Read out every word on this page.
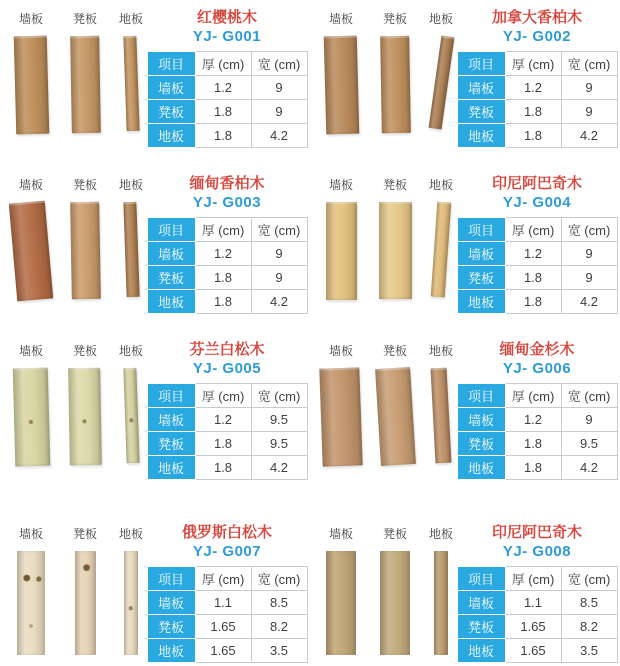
墙板 凳板 地板	红樱桃木
YJ- G001
项目	厚 (cm)	宽 (cm)
墙板	1.2	9
凳板	1.8	9
地板	1.8	4.2
墙板 凳板 地板	加拿大香柏木
YJ- G002
项目	厚 (cm)	宽 (cm)
墙板	1.2	9
凳板	1.8	9
地板	1.8	4.2
墙板 凳板 地板	缅甸香柏木
YJ- G003
项目	厚 (cm)	宽 (cm)
墙板	1.2	9
凳板	1.8	9
地板	1.8	4.2
墙板 凳板 地板	印尼阿巴奇木
YJ- G004
项目	厚 (cm)	宽 (cm)
墙板	1.2	9
凳板	1.8	9
地板	1.8	4.2
墙板 凳板 地板	芬兰白松木
YJ- G005
项目	厚 (cm)	宽 (cm)
墙板	1.2	9.5
凳板	1.8	9.5
地板	1.8	4.2
墙板 凳板 地板	缅甸金杉木
YJ- G006
项目	厚 (cm)	宽 (cm)
墙板	1.2	9
凳板	1.8	9.5
地板	1.8	4.2
墙板 凳板 地板	俄罗斯白松木
YJ- G007
项目	厚 (cm)	宽 (cm)
墙板	1.1	8.5
凳板	1.65	8.2
地板	1.65	3.5
墙板 凳板 地板	印尼阿巴奇木
YJ- G008
项目	厚 (cm)	宽 (cm)
墙板	1.1	8.5
凳板	1.65	8.2
地板	1.65	3.5
